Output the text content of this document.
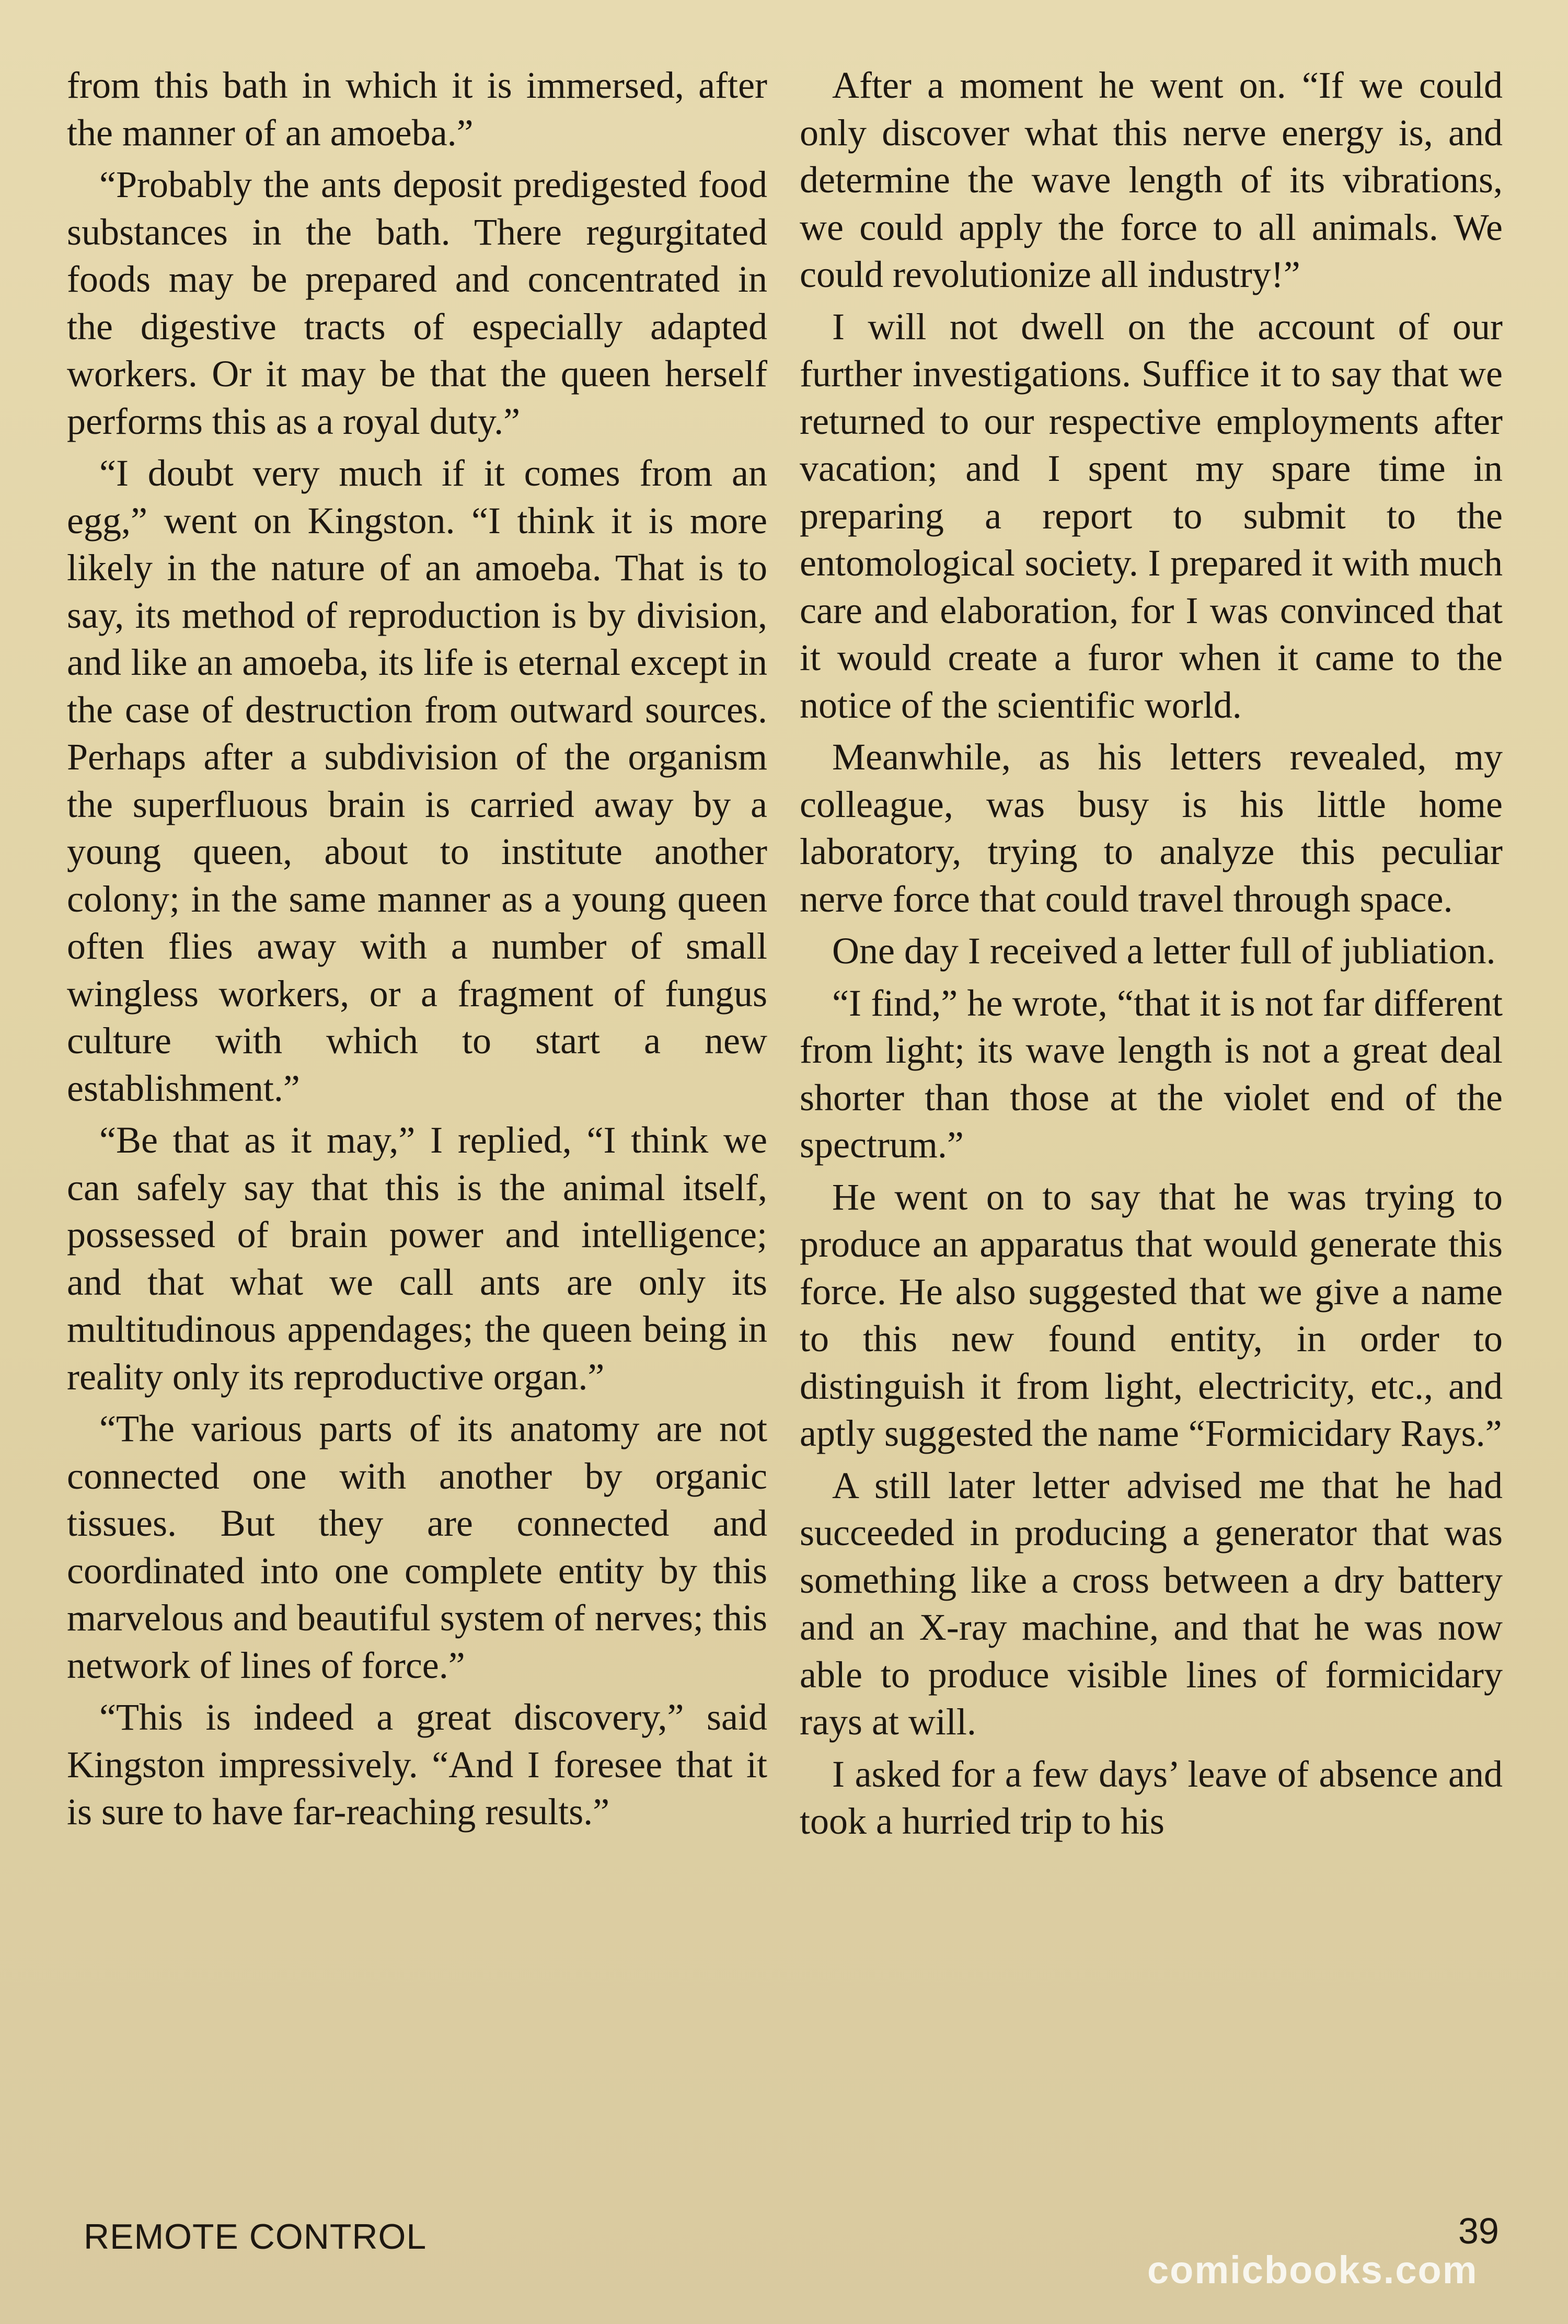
from this bath in which it is immersed, after the manner of an amoeba.”

“Probably the ants deposit predigested food substances in the bath. There regurgitated foods may be prepared and concentrated in the digestive tracts of especially adapted workers. Or it may be that the queen herself performs this as a royal duty.”

“I doubt very much if it comes from an egg,” went on Kingston. “I think it is more likely in the nature of an amoeba. That is to say, its method of reproduction is by division, and like an amoeba, its life is eternal except in the case of destruction from outward sources. Perhaps after a subdivision of the organism the superfluous brain is carried away by a young queen, about to institute another colony; in the same manner as a young queen often flies away with a number of small wingless workers, or a fragment of fungus culture with which to start a new establishment.”

“Be that as it may,” I replied, “I think we can safely say that this is the animal itself, possessed of brain power and intelligence; and that what we call ants are only its multitudinous appendages; the queen being in reality only its reproductive organ.”

“The various parts of its anatomy are not connected one with another by organic tissues. But they are connected and coordinated into one complete entity by this marvelous and beautiful system of nerves; this network of lines of force.”

“This is indeed a great discovery,” said Kingston impressively. “And I foresee that it is sure to have far-reaching results.”

After a moment he went on. “If we could only discover what this nerve energy is, and determine the wave length of its vibrations, we could apply the force to all animals. We could revolutionize all industry!”

I will not dwell on the account of our further investigations. Suffice it to say that we returned to our respective employments after vacation; and I spent my spare time in preparing a report to submit to the entomological society. I prepared it with much care and elaboration, for I was convinced that it would create a furor when it came to the notice of the scientific world.

Meanwhile, as his letters revealed, my colleague, was busy is his little home laboratory, trying to analyze this peculiar nerve force that could travel through space.

One day I received a letter full of jubliation.

“I find,” he wrote, “that it is not far different from light; its wave length is not a great deal shorter than those at the violet end of the spectrum.”

He went on to say that he was trying to produce an apparatus that would generate this force. He also suggested that we give a name to this new found entity, in order to distinguish it from light, electricity, etc., and aptly suggested the name “Formicidary Rays.”

A still later letter advised me that he had succeeded in producing a generator that was something like a cross between a dry battery and an X-ray machine, and that he was now able to produce visible lines of formicidary rays at will.

I asked for a few days’ leave of absence and took a hurried trip to his

REMOTE CONTROL	39
comicbooks.com
